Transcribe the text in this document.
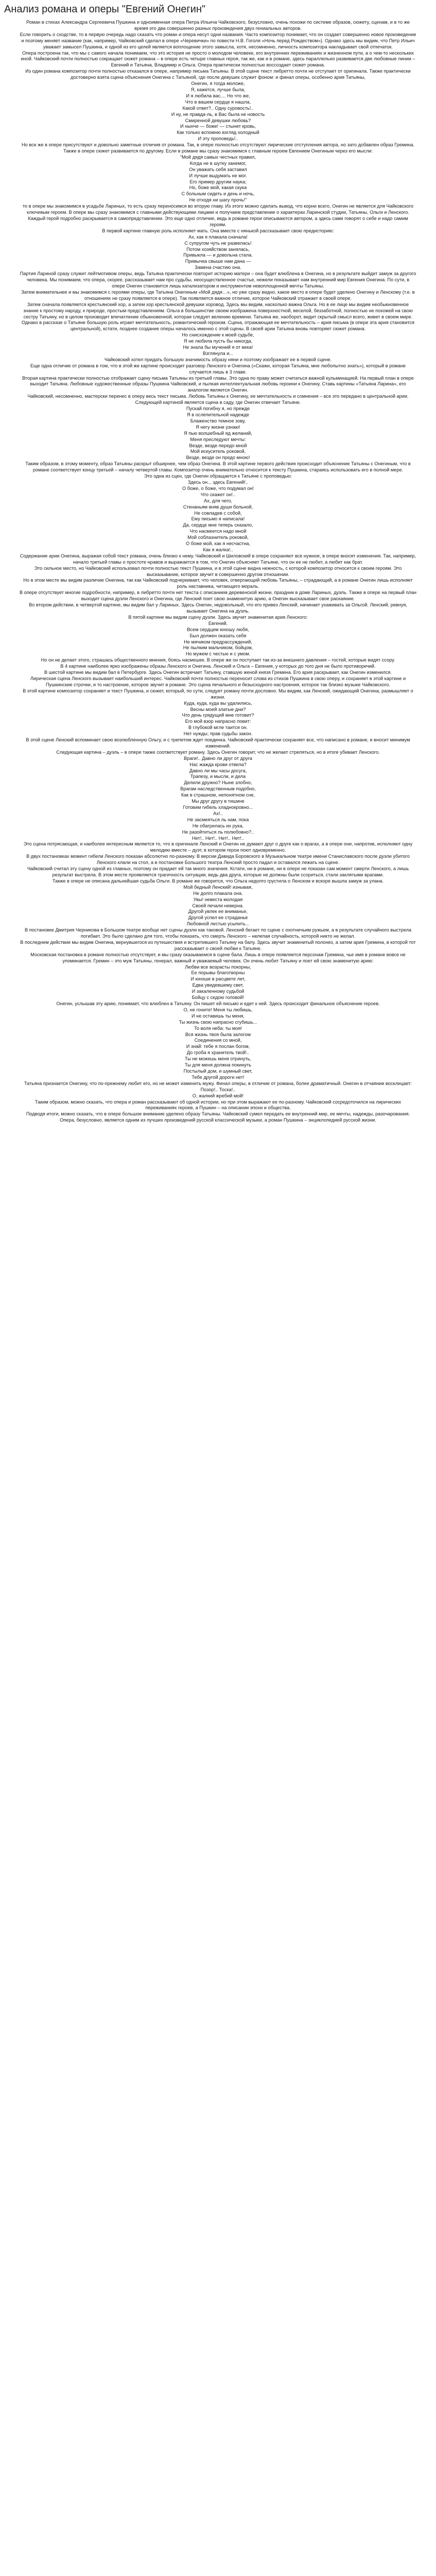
Анализ романа и оперы "Евгений Онегин"

Роман в стихах Александра Сергеевича Пушкина и одноименная опера Петра Ильича Чайковского, безусловно, очень похожи по системе образов, сюжету, сценам, и в то же время это два совершенно разных произведения двух гениальных авторов.

Если говорить о сходстве, то в первую очередь надо сказать что роман и опера несут одни названия. Часто композитор понимает, что он создает совершенно новое произведение и поэтому меняет название (как, например, Чайковский сделал в опере «Черевички» по повести Н.В. Гоголя «Ночь перед Рождеством»). Однако здесь мы видим, что Петр Ильич уважает замысел Пушкина, и одной из его целей является воплощение этого замысла, хотя, несомненно, личность композитора накладывает свой отпечаток.

Опера построена так, что мы с самого начала понимаем, что это история не просто о молодом человеке, его внутренних переживаниях и жизненном пути, а о чем-то нескольких иной. Чайковский почти полностью сокращает сюжет романа – в опере есть четыре главных героя, так же, как и в романе, здесь параллельно развивается две любовные линии – Евгений и Татьяна, Владимир и Ольга. Опера практически полностью воссоздает сюжет романа.

Из один романа композитор почти полностью отказался в опере, например письма Татьяны. В этой сцене текст либретто почти не отступает от оригинала. Также практически достоверно взята сцена объяснения Онегина с Татьяной, где после девушек служит фоном: и финал оперы, особенно ария Татьяны,

Онегин, я тогда моложе,
Я, кажется, лучше была,
И я любила вас.... Но что же,
Что в вашем сердце я нашла,
Какой ответ?.. Одну суровость!..
И ну, не правда-ль, в Вас была не новость
Смиренной девушки любовь?
И нынче — боже! — стынет кровь,
Как только вспомню взгляд холодный
И эту проповедь!..

Но все же в опере присутствуют и довольно заметные отличия от романа. Так, в опере полностью отсутствуют лирические отступления автора, но зато добавлен образ Гремина. Также в опере сюжет развивается по другому. Если в романе мы сразу знакомимся с главным героем Евгением Онегиным через его мысли:

"Мой дядя самых честных правил,
Когда не в шутку занемог,
Он уважать себя заставил
И лучше выдумать не мог.
Его пример другим наука;
Но, боже мой, какая скука
С больным сидеть и день и ночь,
Не отходя ни шагу прочь!"

то в опере мы знакомимся в усадьбе Лариных, то есть сразу переносимся во вторую главу. Из этого можно сделать вывод, что корни всего, Онегин не является для Чайковского ключевым героем. В опере мы сразу знакомимся с главными действующими лицами и получаем представление о характерах Ларинской студии, Татьяны, Ольги и Ленского. Каждый герой подробно раскрывается в самопредставлении. Это еще одно отличие, ведь в романе герои описываются автором, а здесь сами говорят о себе и надо самим героям.

В первой картине главную роль исполняет мать. Она вместе с нянькой рассказывает свою предисторию:

Ах, как я плакала сначала!
С супругом чуть не развелась!
Потом хозяйством занялась,
Привыкла — и довольна стала.
Привычка свыше нам дана —
Замена счастию она.

Партия Лариной сразу служит лейтмотивом оперы, ведь Татьяна практически повторит историю матери – она будет влюблена в Онегина, но в результате выйдет замуж за другого человека. Мы понимаем, что опера, скорее, рассказывает нам про судьбы, неосуществленное счастье, нежели показывает нам внутренний мир Евгения Онегина. По сути, в опере Онегин становится лишь катализатором и инструментом невоплощенной мечты Татьяны.

Затем внимательнее и мы знакомимся с героями оперы, где Татьяна Онегиным «Мой дядя…», но уже сразу видно, какое место в опере будет уделено Онегину и Ленскому (т.е. в отношениях не сразу появляется в опере). Так появляется важное отличие, которое Чайковский отражает в своей опере.

Затем сначала появляется крестьянский хор, а затем хор крестьянской девушки хоровод. Здесь мы видим, насколько важна Ольга. Но в ее лице мы видим необыкновенное знание к простому народу, к природе, простым представлениям. Ольга в большинстве своем изображена поверхностной, веселой, беззаботной, полностью не похожей на свою сестру Татьяну, но в целом производит впечатление обыкновенной, которая следует велению времени. Татьяна же, наоборот, видит скрытый смысл всего, живет в своем мире.

Однако в рассказе о Татьяне большую роль играет мечтательность, романтический героизм. Сцена, отражающая ее мечтательность – ария письма (в опере эта ария становится центральной), кстати, позднее создание оперы началось именно с этой сцены. В своей арии Татьяна вновь повторяет сюжет романа.

Но снисхождение к моей судьбе,
Я не любила пусть бы никогда,
Не знала бы мучений я от века!
Взглянула и...

Чайковский хотел придать большую значимость образу няни и поэтому изображает ее в первой сцене.

Еще одна отличие от романа в том, что в этой же картине происходит разговор Ленского и Онегина («Скажи, которая Татьяна, мне любопытно знать»), который в романе случается лишь в 3 главе.

Вторая картина практически полностью отображает сцену письма Татьяны из третьей главы. Это одна по праву может считаться важной кульминацией. На первый план в опере выходит Татьяна. Любовные художественные образы Пушкина Чайковский, и пылкая интеллектуальная любовь героини к Онегину. Ставь картины «Татьяна Ларина», его аналогом является Онегин.

Чайковский, несомненно, мастерски перенес в оперу весь текст письма. Любовь Татьяны к Онегину, ее мечтательность и сомнения – все это передано в центральной арии.

Следующей картиной является сцена в саду, где Онегин отвечает Татьяне.

Пускай погибну я, но прежде
Я в ослепительной надежде
Блаженство темное зову,
Я негу жизни узнаю!
Я пью волшебный яд желаний,
Меня преследуют мечты:
Везде, везде передо мной
Мой искуситель роковой,
Везде, везде он предо мною!

Таким образом, в этому моменту, образ Татьяны раскрыт обширнее, чем образ Онегина. В этой картине первого действия происходит объяснение Татьяны с Онегиным, что в романе соответствует концу третьей – началу четвертой главы. Композитор очень внимательно относится к тексту Пушкина, стараясь использовать его в полной мере.

Это одна из сцен, где Онегин обращается к Татьяне с проповедью:

Здесь он... здесь Евгений!..
О боже, о боже, что подумал он!
Что скажет он!..
Ах, для чего,
Стенаньям вняв души больной,
Не совладев с собой,
Ему письмо я написала!
Да, сердце мне теперь сказало,
Что насмеется надо мной
Мой соблазнитель роковой,
О боже мой, как я несчастна,
Как я жалка!..

Содержание арии Онегина, выражая собой текст романа, очень близко к нему. Чайковский и Шиловский в опере сохраняют все нужное, в опере вносят изменения. Так, например, начало третьей главы о простоте нравов и выражается в том, что Онегин объясняет Татьяне, что он ее не любит, а любит как брат.

Это сильное место, но Чайковский использовал почти полностью текст Пушкина, и в этой сцене видна нежность, с которой композитор относится к своим героям. Это высказывание, которое звучит в совершенно другом отношении.

Но в этом месте мы видим различие Онегина, так как Чайковский подчеркивает, что человек, отвергающий любовь Татьяны, – страдающий, а в романе Онегин лишь исполняет роль наставника, читающего мораль.

В опере отсутствует многие подробности, например, в либретто почти нет текста с описанием деревенской жизни, праздник в доме Лариных, дуэль. Также в опере на первый план выходит сцена дуэли Ленского и Онегина, где Ленский поет свою знаменитую арию, а Онегин высказывает свое раскаяние.

Во втором действии, в четвертой картине, мы видим бал у Лариных. Здесь Онегин, недовольный, что его привез Ленский, начинает ухаживать за Ольгой. Ленский, ревнуя, вызывает Онегина на дуэль.

В пятой картине мы видим сцену дуэли. Здесь звучит знаменитая ария Ленского:

Евгений,
Всем сердцем юношу любя,
Был должен оказать себя
Не мячиком предрассуждений,
Не пылким мальчиком, бойцом,
Но мужем с честью и с умом.

Но он не делает этого, страшась общественного мнения, боясь насмешек. В опере же он поступает так из-за внешнего давления – гостей, которые видят ссору.

В 4 картине наиболее ярко изображены образы Ленского и Онегина. Ленский и Ольга – Евгения, у которых до того дня не было противоречий.

В шестой картине мы видим бал в Петербурге. Здесь Онегин встречает Татьяну, ставшую женой князя Гремина. Его ария раскрывает, как Онегин изменился.

Лирическая сцена Ленского вызывает наибольший интерес. Чайковский почти полностью переносит слова из стихов Пушкина в свою оперу, и сохраняет в этой картине и Пушкинские строчки, и то настроение, которое звучит в романе. Это сцена печального и безысходного настроения, которое так близко музыке Чайковского.

В этой картине композитор сохраняет и текст Пушкина, и сюжет, который, по сути, следует роману почти дословно. Мы видим, как Ленский, ожидающий Онегина, размышляет о жизни.

Куда, куда, куда вы удалились,
Весны моей златые дни?
Что день грядущий мне готовит?
Его мой взор напрасно ловит:
В глубокой мгле таится он.
Нет нужды; прав судьбы закон.

В этой сцене Ленский вспоминает свою возлюбленную Ольгу, и с трепетом ждет поединка. Чайковский практически сохраняет все, что написано в романе, и вносит минимум изменений.

Следующая картина – дуэль – в опере также соответствует роману. Здесь Онегин говорит, что не желает стреляться, но в итоге убивает Ленского.

Враги!.. Давно ли друг от друга
Нас жажда крови отвела?
Давно ли мы часы досуга,
Трапезу, и мысли, и дела
Делили дружно? Ныне злобно,
Врагам наследственным подобно,
Как в страшном, непонятном сне,
Мы друг другу в тишине
Готовим гибель хладнокровно...
Ах!..
Не засмеяться ль нам, пока
Не обагрилась их рука,
Не разойтиться ль полюбовно?..
Нет!.. Нет!.. Нет!.. Нет!..

Это сцена потрясающая, и наиболее интересным является то, что в оригинале Ленский и Онегин не думают друг о друге как о врагах, а в опере они, напротив, исполняют одну мелодию вместе – дуэт, в котором герои поют одновременно.

В двух постановках момент гибели Ленского показан абсолютно по-разному. В версии Давида Боровского в Музыкальном театре имени Станиславского после дуэли убитого Ленского клали на стол, а в постановке Большого театра Ленский просто падал и оставался лежать на сцене.

Чайковский считал эту сцену одной из главных, поэтому он придает ей так много значения. Кстати, ни в романе, ни в опере не показан сам момент смерти Ленского, а лишь результат выстрела. В этом месте проявляется трагичность ситуации, ведь два друга, которые не должны были ссориться, стали заклятыми врагами.

Также в опере не описана дальнейшая судьба Ольги. В романе же говорится, что Ольга недолго грустила о Ленском и вскоре вышла замуж за улана.

Мой бедный Ленский! изнывая,
Не долго плакала она.
Увы! невеста молодая
Своей печали неверна.
Другой увлек ее вниманье,
Другой успел ее страданье
Любовной лестью усыпить...

В постановке Дмитрия Черникова в Большом театре вообще нет сцены дуэли как таковой. Ленский бегает по сцене с охотничьим ружьем, а в результате случайного выстрела погибает. Это было сделано для того, чтобы показать, что смерть Ленского – нелепая случайность, которой никто не желал.

В последнем действии мы видим Онегина, вернувшегося из путешествия и встретившего Татьяну на балу. Здесь звучит знаменитый полонез, а затем ария Гремина, в которой тот рассказывает о своей любви к Татьяне.

Московская постановка в романе полностью отсутствует, и мы сразу оказываемся в сцене бала. Лишь в опере появляется персонаж Гремина, чье имя в романе вовсе не упоминается. Гремин – это муж Татьяны, генерал, важный и уважаемый человек. Он очень любит Татьяну и поет ей свою знаменитую арию:

Любви все возрасты покорны,
Ее порывы благотворны
И юноше в расцвете лет,
Едва увидевшему свет,
И закаленному судьбой
Бойцу с седою головой!

Онегин, услышав эту арию, понимает, что влюблен в Татьяну. Он пишет ей письмо и едет к ней. Здесь происходит финальное объяснение героев.

О, не гоните! Меня ты любишь,
И не оставишь ты меня,
Ты жизнь свою напрасно сгубишь...
То воля неба: ты моя!
Вся жизнь твоя была залогом
Соединения со мной,
И знай: тебе я послан богом,
До гроба я хранитель твой!..
Ты не можешь меня отринуть,
Ты для меня должна покинуть
Постылый дом, и шумный свет,
Тебе другой дороги нет!

Татьяна признается Онегину, что по-прежнему любит его, но не может изменить мужу. Финал оперы, в отличие от романа, более драматичный. Онегин в отчаянии восклицает:

Позор!.. Тоска!..
О, жалкий жребий мой!

Таким образом, можно сказать, что опера и роман рассказывают об одной истории, но при этом выражают ее по-разному. Чайковский сосредоточился на лирических переживаниях героев, а Пушкин – на описании эпохи и общества.

Подводя итоги, можно сказать, что в опере большое внимание уделено образу Татьяны. Чайковский сумел передать ее внутренний мир, ее мечты, надежды, разочарования. Опера, безусловно, является одним из лучших произведений русской классической музыки, а роман Пушкина – энциклопедией русской жизни.
